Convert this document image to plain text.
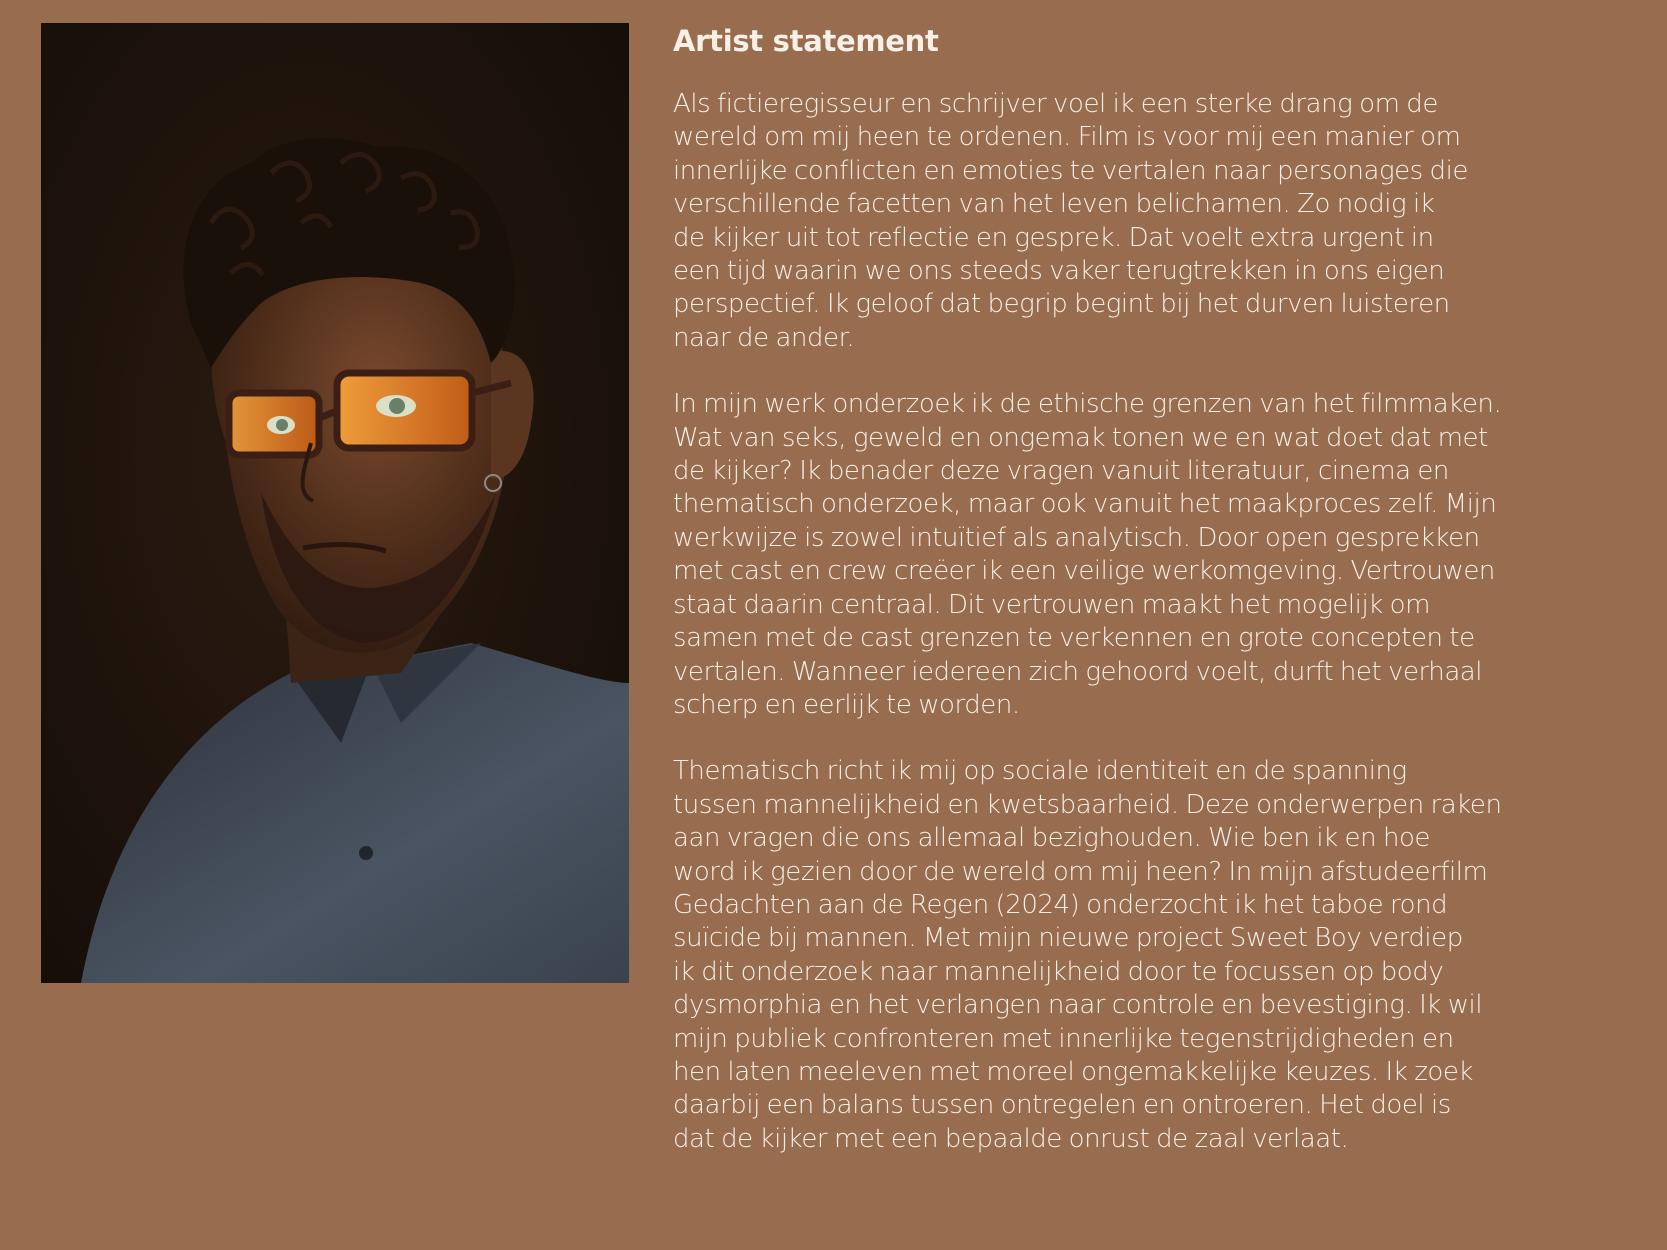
Artist statement
Als fictieregisseur en schrijver voel ik een sterke drang om de
wereld om mij heen te ordenen. Film is voor mij een manier om
innerlijke conflicten en emoties te vertalen naar personages die
verschillende facetten van het leven belichamen. Zo nodig ik
de kijker uit tot reflectie en gesprek. Dat voelt extra urgent in
een tijd waarin we ons steeds vaker terugtrekken in ons eigen
perspectief. Ik geloof dat begrip begint bij het durven luisteren
naar de ander.
In mijn werk onderzoek ik de ethische grenzen van het filmmaken.
Wat van seks, geweld en ongemak tonen we en wat doet dat met
de kijker? Ik benader deze vragen vanuit literatuur, cinema en
thematisch onderzoek, maar ook vanuit het maakproces zelf. Mijn
werkwijze is zowel intuïtief als analytisch. Door open gesprekken
met cast en crew creëer ik een veilige werkomgeving. Vertrouwen
staat daarin centraal. Dit vertrouwen maakt het mogelijk om
samen met de cast grenzen te verkennen en grote concepten te
vertalen. Wanneer iedereen zich gehoord voelt, durft het verhaal
scherp en eerlijk te worden.
Thematisch richt ik mij op sociale identiteit en de spanning
tussen mannelijkheid en kwetsbaarheid. Deze onderwerpen raken
aan vragen die ons allemaal bezighouden. Wie ben ik en hoe
word ik gezien door de wereld om mij heen? In mijn afstudeerfilm
Gedachten aan de Regen (2024) onderzocht ik het taboe rond
suïcide bij mannen. Met mijn nieuwe project Sweet Boy verdiep
ik dit onderzoek naar mannelijkheid door te focussen op body
dysmorphia en het verlangen naar controle en bevestiging. Ik wil
mijn publiek confronteren met innerlijke tegenstrijdigheden en
hen laten meeleven met moreel ongemakkelijke keuzes. Ik zoek
daarbij een balans tussen ontregelen en ontroeren. Het doel is
dat de kijker met een bepaalde onrust de zaal verlaat.
